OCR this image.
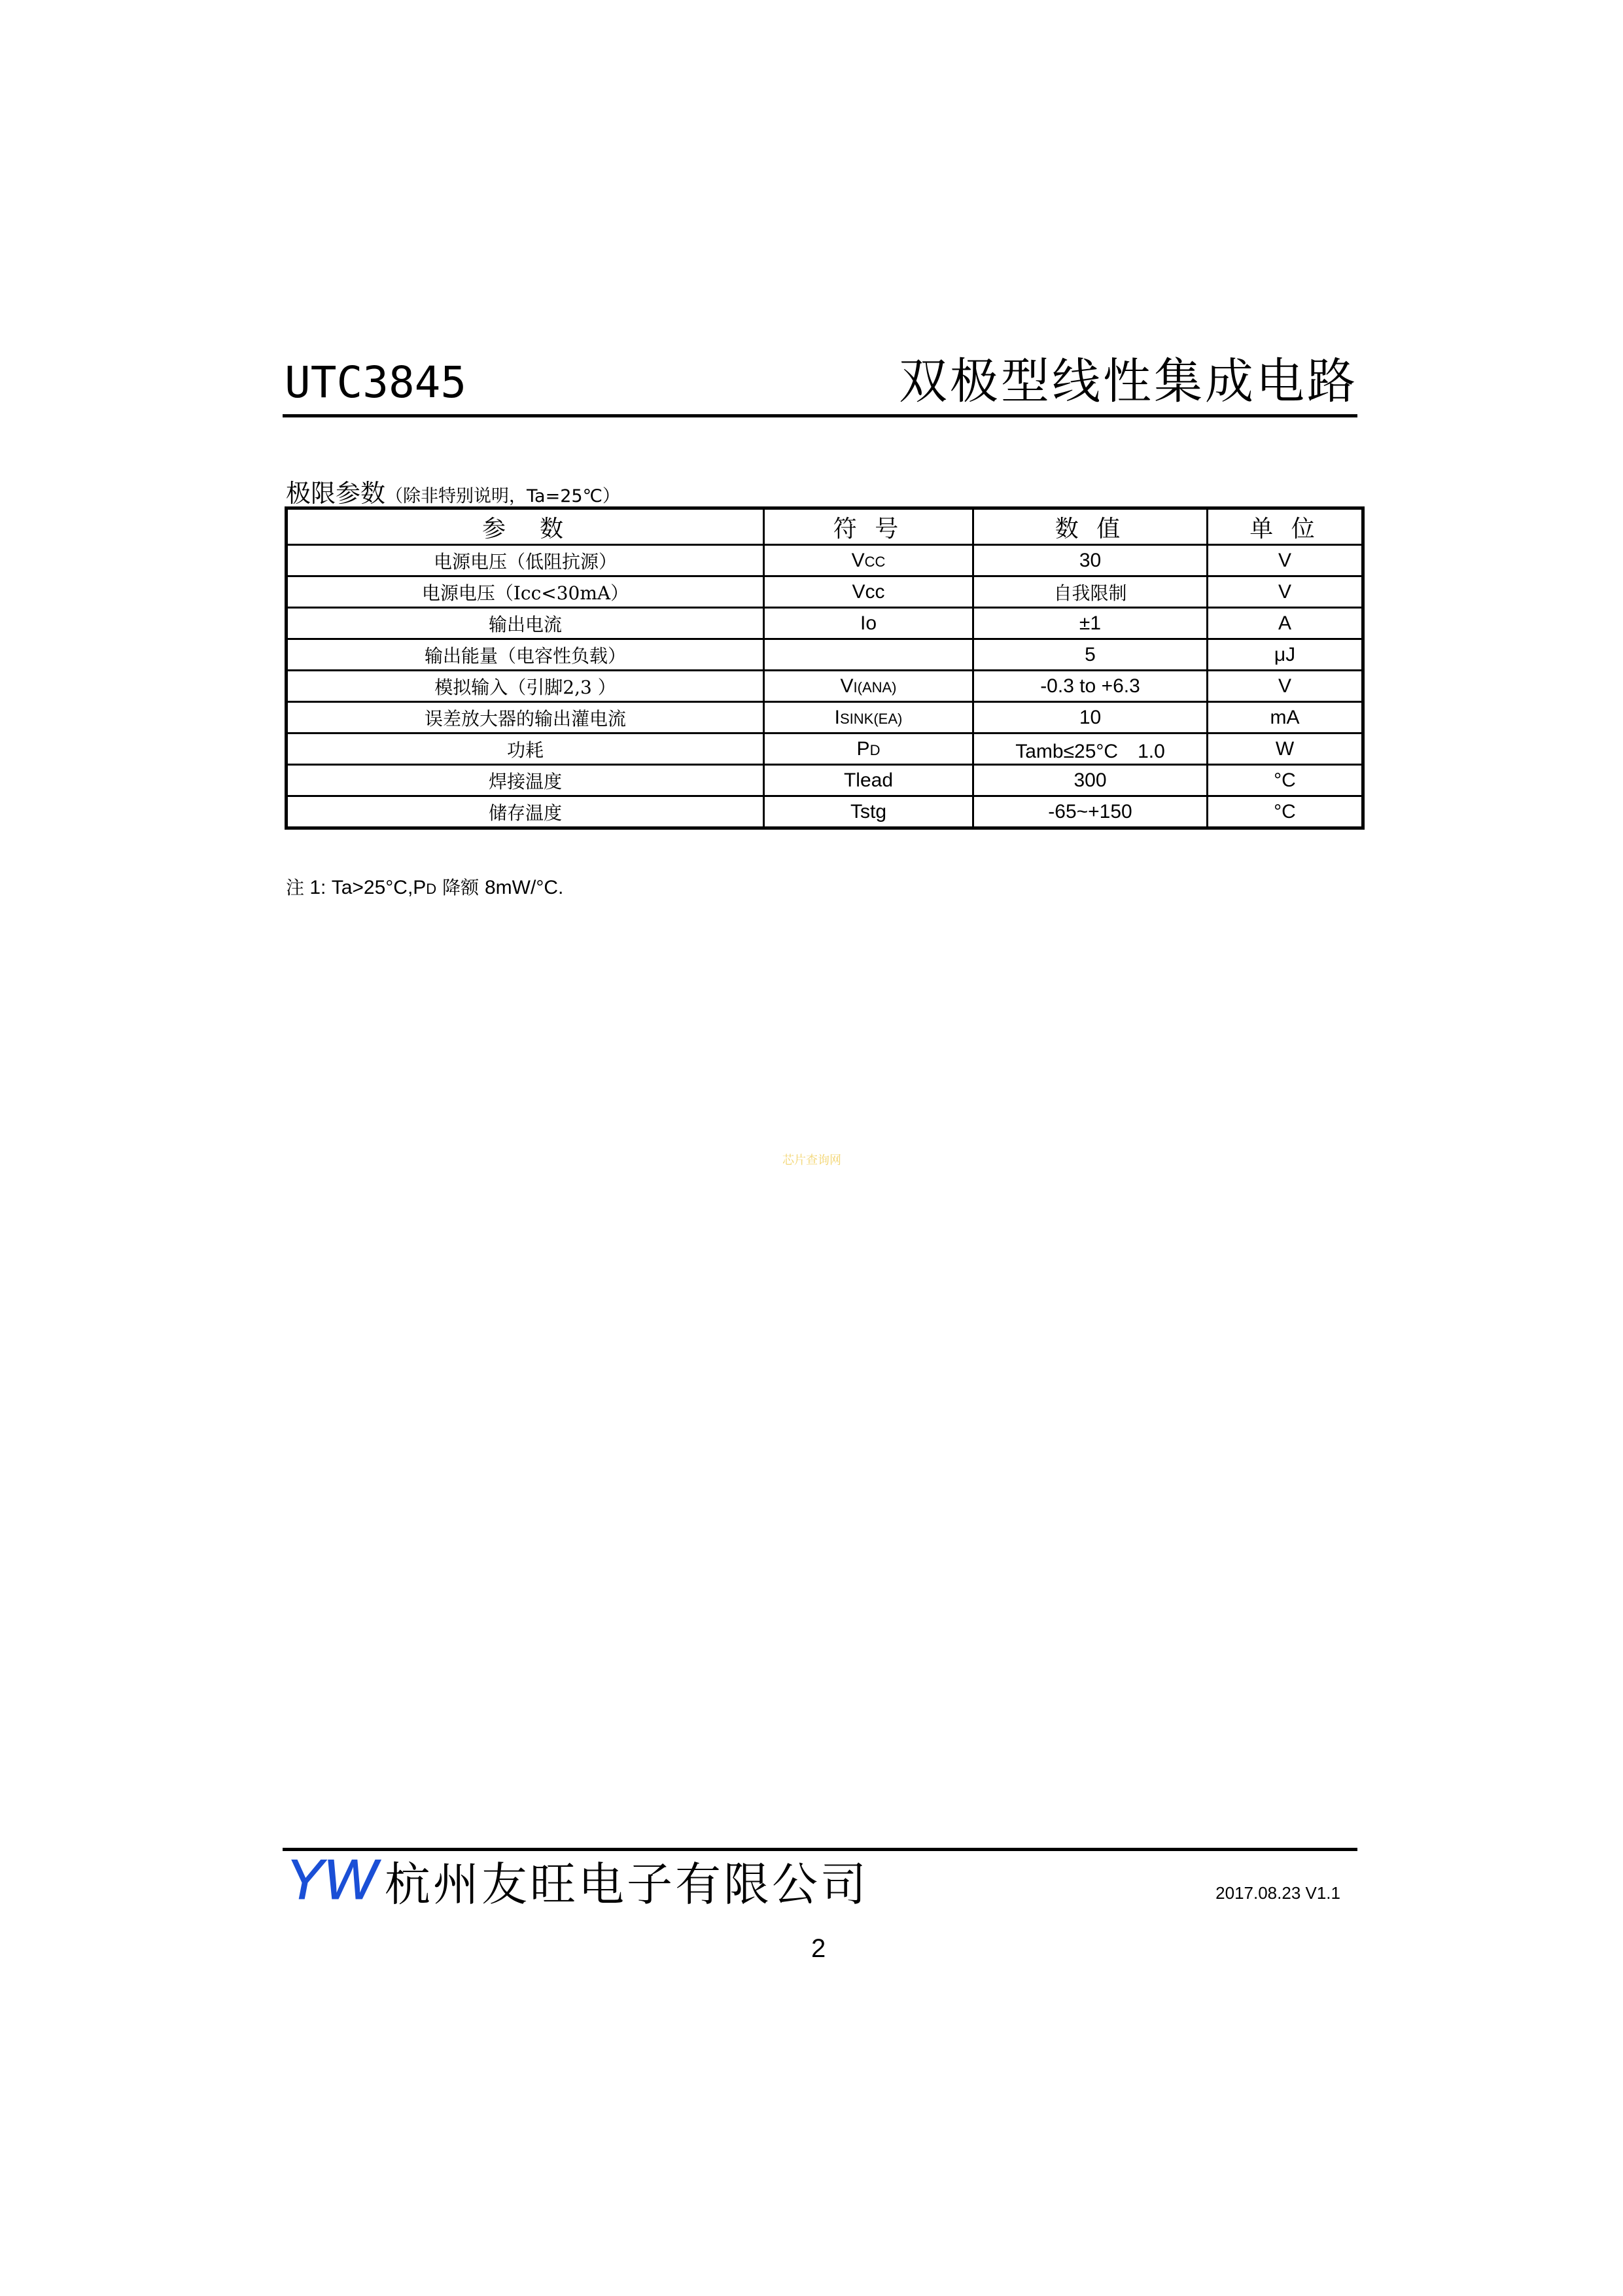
UTC3845	双极型线性集成电路
极限参数（除非特别说明，Ta=25℃）
参　数	符 号	数 值	单 位
电源电压（低阻抗源）	VCC	30	V
电源电压（Icc<30mA）	Vcc	自我限制	V
输出电流	Io	±1	A
输出能量（电容性负载）		5	μJ
模拟输入（引脚2,3 ）	VI(ANA)	-0.3 to +6.3	V
误差放大器的输出灌电流	ISINK(EA)	10	mA
功耗	PD	Tamb≤25°C　1.0	W
焊接温度	Tlead	300	°C
储存温度	Tstg	-65~+150	°C
注 1: Ta>25°C,PD 降额 8mW/°C.
芯片查询网
YW 杭州友旺电子有限公司	2017.08.23 V1.1
2
